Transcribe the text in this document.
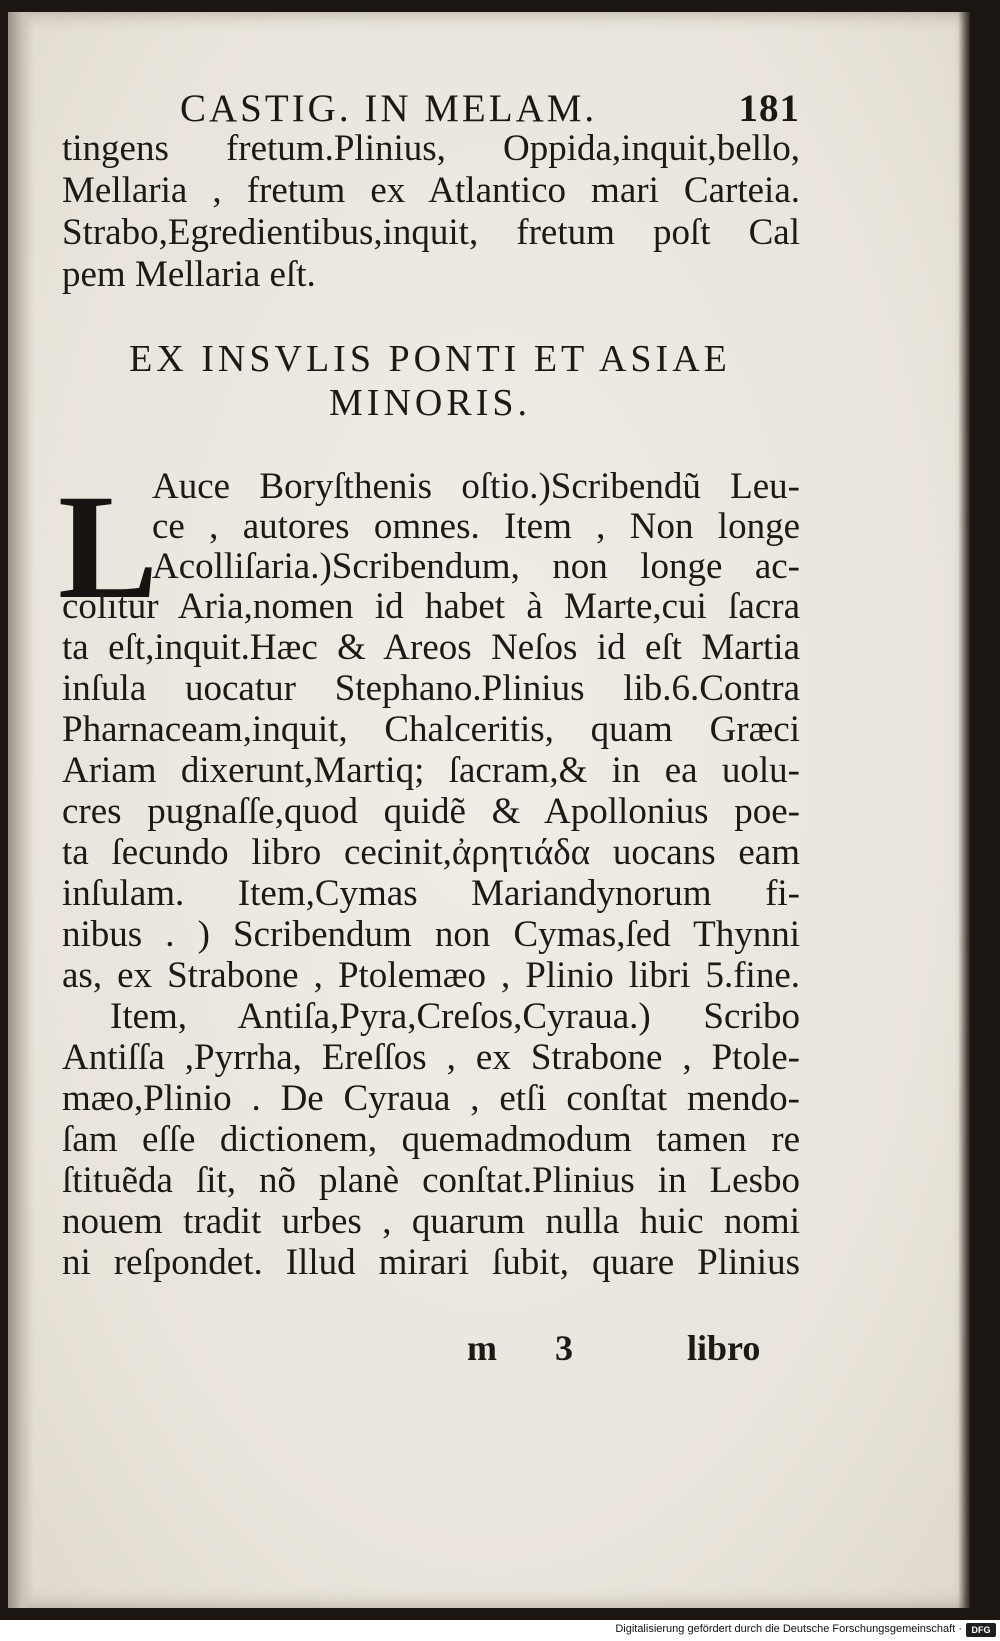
CASTIG. IN MELAM.	181
tingens fretum.Plinius, Oppida,inquit,bello,
Mellaria , fretum ex Atlantico mari Carteia.
Strabo,Egredientibus,inquit, fretum poſt Cal
pem Mellaria eſt.
EX INSVLIS PONTI ET ASIAE
MINORIS.
L
Auce Boryſthenis oſtio.)Scribendũ Leu-
ce , autores omnes. Item , Non longe
Acolliſaria.)Scribendum, non longe ac-
colitur Aria,nomen id habet à Marte,cui ſacra
ta eſt,inquit.Hæc & Areos Neſos id eſt Martia
inſula uocatur Stephano.Plinius lib.6.Contra
Pharnaceam,inquit, Chalceritis, quam Græci
Ariam dixerunt,Martiq; ſacram,& in ea uolu-
cres pugnaſſe,quod quidẽ & Apollonius poe-
ta ſecundo libro cecinit,ἀρητιάδα uocans eam
inſulam. Item,Cymas Mariandynorum fi-
nibus . ) Scribendum non Cymas,ſed Thynni
as, ex Strabone , Ptolemæo , Plinio libri 5.fine.
Item, Antiſa,Pyra,Creſos,Cyraua.) Scribo
Antiſſa ,Pyrrha, Ereſſos , ex Strabone , Ptole-
mæo,Plinio . De Cyraua , etſi conſtat mendo-
ſam eſſe dictionem, quemadmodum tamen re
ſtituẽda ſit, nõ planè conſtat.Plinius in Lesbo
nouem tradit urbes , quarum nulla huic nomi
ni reſpondet. Illud mirari ſubit, quare Plinius
m 3	libro
Digitalisierung gefördert durch die Deutsche Forschungsgemeinschaft ·	DFG
